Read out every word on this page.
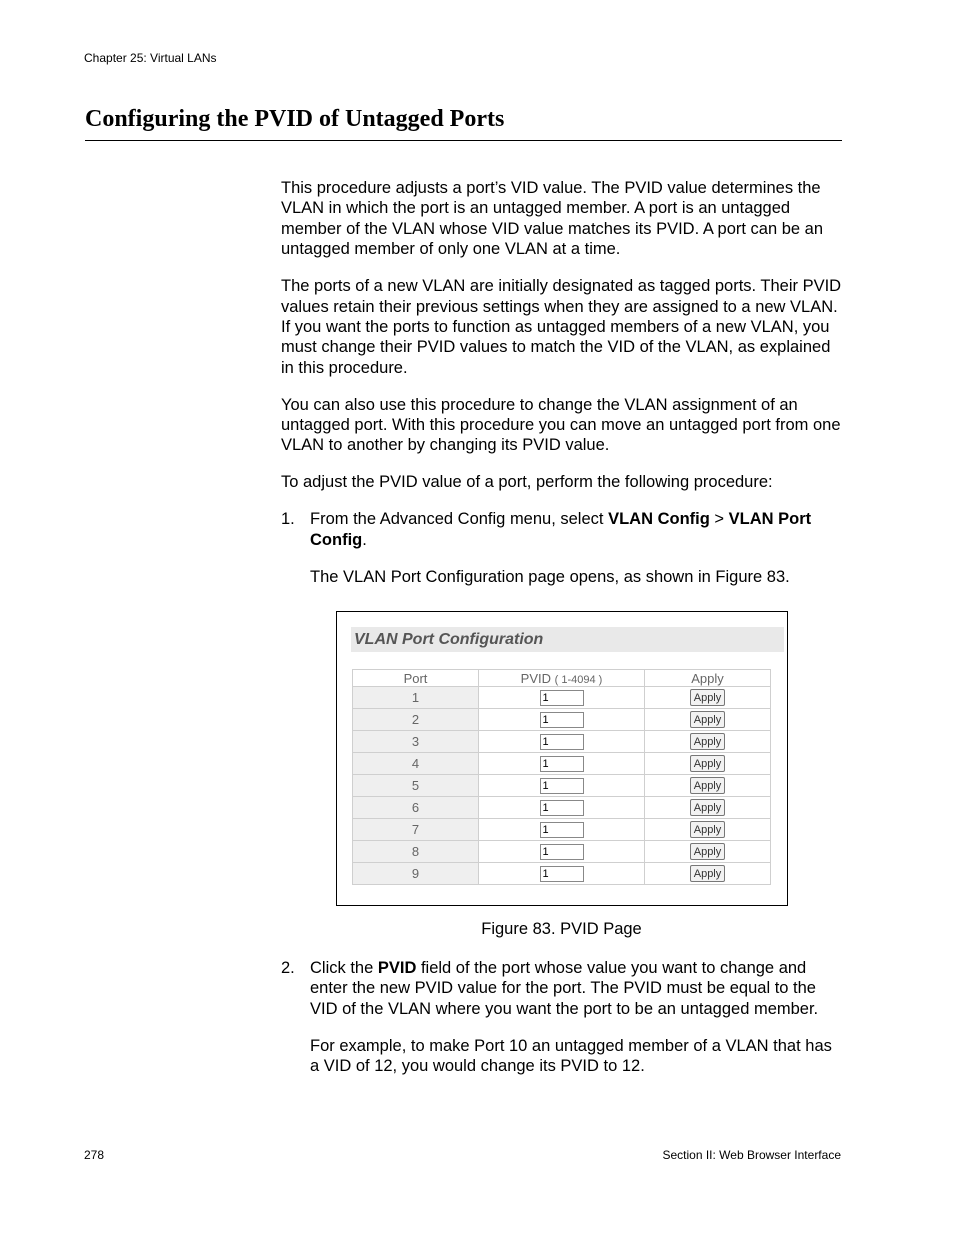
Chapter 25: Virtual LANs
Configuring the PVID of Untagged Ports

This procedure adjusts a port’s VID value. The PVID value determines the VLAN in which the port is an untagged member. A port is an untagged member of the VLAN whose VID value matches its PVID. A port can be an untagged member of only one VLAN at a time.

The ports of a new VLAN are initially designated as tagged ports. Their PVID values retain their previous settings when they are assigned to a new VLAN. If you want the ports to function as untagged members of a new VLAN, you must change their PVID values to match the VID of the VLAN, as explained in this procedure.

You can also use this procedure to change the VLAN assignment of an untagged port. With this procedure you can move an untagged port from one VLAN to another by changing its PVID value.

To adjust the PVID value of a port, perform the following procedure:

1. From the Advanced Config menu, select VLAN Config > VLAN Port Config.

The VLAN Port Configuration page opens, as shown in Figure 83.

VLAN Port Configuration
Port	PVID ( 1-4094 )	Apply
1	1	Apply
2	1	Apply
3	1	Apply
4	1	Apply
5	1	Apply
6	1	Apply
7	1	Apply
8	1	Apply
9	1	Apply
Figure 83. PVID Page
2. Click the PVID field of the port whose value you want to change and enter the new PVID value for the port. The PVID must be equal to the VID of the VLAN where you want the port to be an untagged member.

For example, to make Port 10 an untagged member of a VLAN that has a VID of 12, you would change its PVID to 12.

278	Section II: Web Browser Interface
